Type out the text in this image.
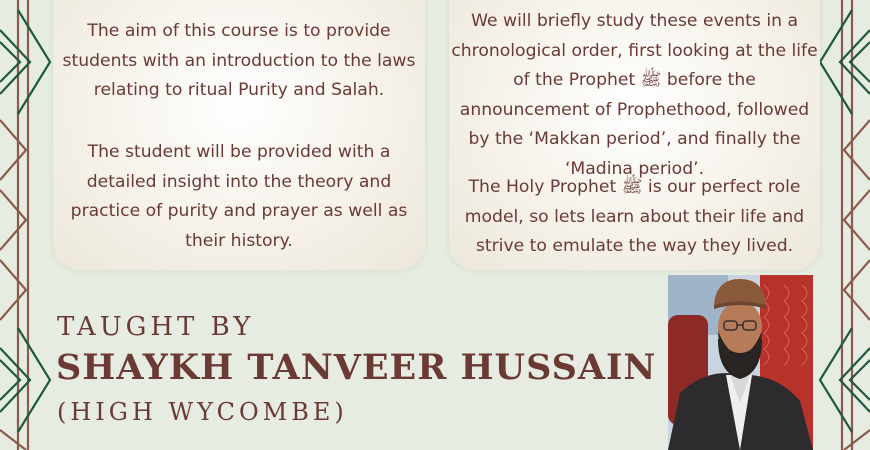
The aim of this course is to provide students with an introduction to the laws relating to ritual Purity and Salah.

The student will be provided with a detailed insight into the theory and practice of purity and prayer as well as their history.

We will briefly study these events in a chronological order, first looking at the life of the Prophet ﷺ before the announcement of Prophethood, followed by the ‘Makkan period’, and finally the ‘Madina period’.

The Holy Prophet ﷺ is our perfect role model, so lets learn about their life and strive to emulate the way they lived.

TAUGHT BY
SHAYKH TANVEER HUSSAIN
(HIGH WYCOMBE)
